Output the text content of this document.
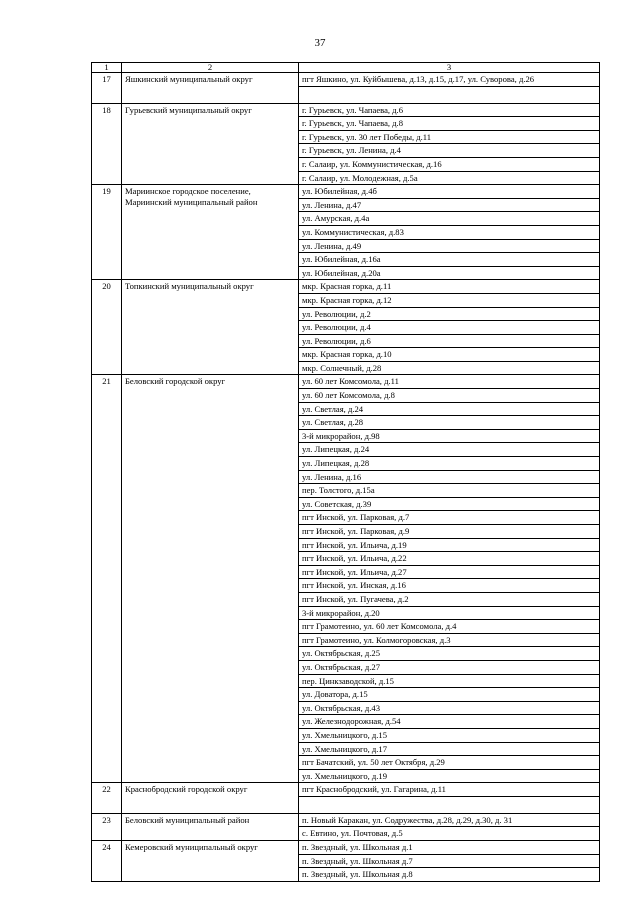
37
1	2	3
17	Яшкинский муниципальный округ	пгт Яшкино, ул. Куйбышева, д.13, д.15, д.17, ул. Суворова, д.26

18	Гурьевский муниципальный округ	г. Гурьевск, ул. Чапаева, д.6
		г. Гурьевск, ул. Чапаева, д.8
		г. Гурьевск, ул. 30 лет Победы, д.11
		г. Гурьевск, ул. Ленина, д.4
		г. Салаир, ул. Коммунистическая, д.16
		г. Салаир, ул. Молодежная, д.5а
19	Мариинское городское поселение, Мариинский муниципальный район	ул. Юбилейная, д.4б
		ул. Ленина, д.47
		ул. Амурская, д.4а
		ул. Коммунистическая, д.83
		ул. Ленина, д.49
		ул. Юбилейная, д.16а
		ул. Юбилейная, д.20а
20	Топкинский муниципальный округ	мкр. Красная горка, д.11
		мкр. Красная горка, д.12
		ул. Революции, д.2
		ул. Революции, д.4
		ул. Революции, д.6
		мкр. Красная горка, д.10
		мкр. Солнечный, д.28
21	Беловский городской округ	ул. 60 лет Комсомола, д.11
		ул. 60 лет Комсомола, д.8
		ул. Светлая, д.24
		ул. Светлая, д.28
		3-й микрорайон, д.98
		ул. Липецкая, д.24
		ул. Липецкая, д.28
		ул. Ленина, д.16
		пер. Толстого, д.15а
		ул. Советская, д.39
		пгт Инской, ул. Парковая, д.7
		пгт Инской, ул. Парковая, д.9
		пгт Инской, ул. Ильича, д.19
		пгт Инской, ул. Ильича, д.22
		пгт Инской, ул. Ильича, д.27
		пгт Инской, ул. Инская, д.16
		пгт Инской, ул. Пугачева, д.2
		3-й микрорайон, д.20
		пгт Грамотеино, ул. 60 лет Комсомола, д.4
		пгт Грамотеино, ул. Колмогоровская, д.3
		ул. Октябрьская, д.25
		ул. Октябрьская, д.27
		пер. Цинкзаводской, д.15
		ул. Доватора, д.15
		ул. Октябрьская, д.43
		ул. Железнодорожная, д.54
		ул. Хмельницкого, д.15
		ул. Хмельницкого, д.17
		пгт Бачатский, ул. 50 лет Октября, д.29
		ул. Хмельницкого, д.19
22	Краснобродский городской округ	пгт Краснобродский, ул. Гагарина, д.11

23	Беловский муниципальный район	п. Новый Каракан, ул. Содружества, д.28, д.29, д.30, д. 31
		с. Евтино, ул. Почтовая, д.5
24	Кемеровский муниципальный округ	п. Звездный, ул. Школьная д.1
		п. Звездный, ул. Школьная д.7
		п. Звездный, ул. Школьная д.8
